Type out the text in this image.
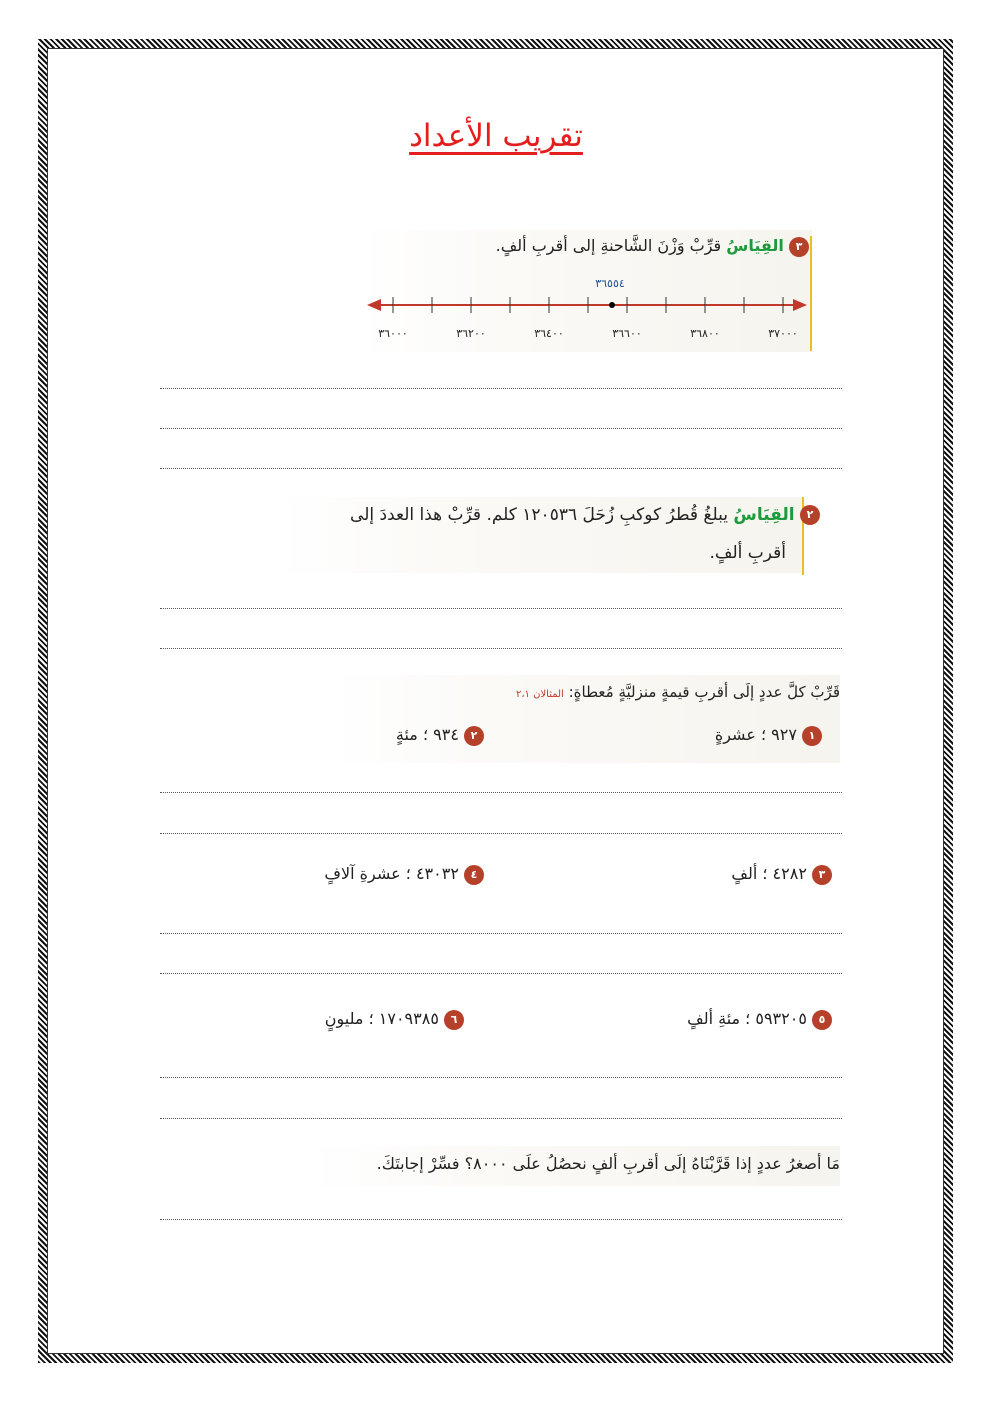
تقريب الأعداد
٣ القِيَاسُ قرِّبْ وَزْنَ الشَّاحنةِ إلى أقربِ ألفٍ.
٣٦٥٥٤
٣٦٠٠٠	٣٦٢٠٠	٣٦٤٠٠	٣٦٦٠٠	٣٦٨٠٠	٣٧٠٠٠
٢ القِيَاسُ يبلغُ قُطرُ كوكبِ زُحَلَ ١٢٠٥٣٦ كلم. قرِّبْ هذا العددَ إلى
أقربِ ألفٍ.
قَرِّبْ كلَّ عددٍ إلَى أقربِ قيمةٍ منزليَّةٍ مُعطاةٍ: المثالان ٢،١
١ ٩٢٧ ؛ عشرةٍ
٢ ٩٣٤ ؛ مئةٍ
٣ ٤٢٨٢ ؛ ألفٍ
٤ ٤٣٠٣٢ ؛ عشرةِ آلافٍ
٥ ٥٩٣٢٠٥ ؛ مئةِ ألفٍ
٦ ١٧٠٩٣٨٥ ؛ مليونٍ
مَا أصغرُ عددٍ إذا قَرَّبْنَاهُ إلَى أقربِ ألفٍ نحصُلُ علَى ٨٠٠٠؟ فسِّرْ إجابتَكَ.
